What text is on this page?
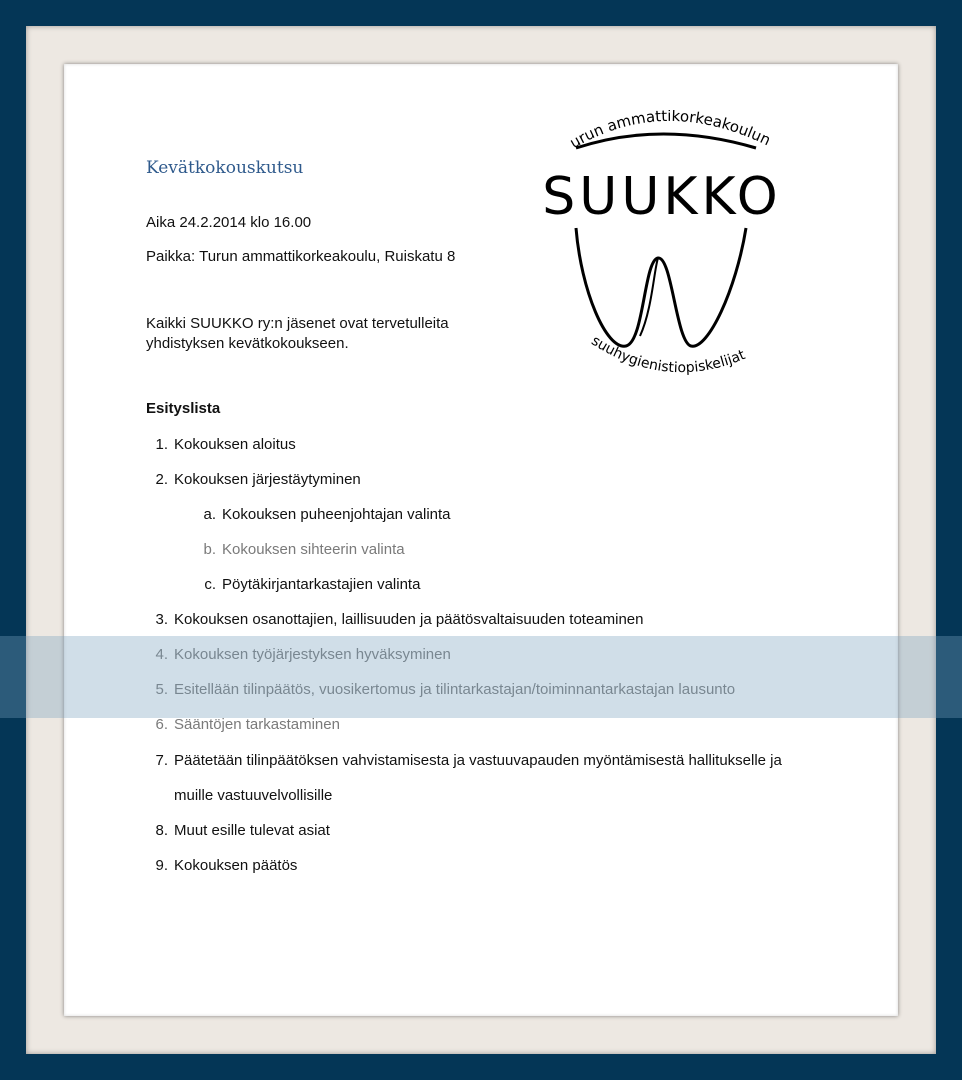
Kevätkokouskutsu
Aika 24.2.2014 klo 16.00
Paikka: Turun ammattikorkeakoulu, Ruiskatu 8
Kaikki SUUKKO ry:n jäsenet ovat tervetulleita
yhdistyksen kevätkokoukseen.
Esityslista
1. Kokouksen aloitus
2. Kokouksen järjestäytyminen
a. Kokouksen puheenjohtajan valinta
b. Kokouksen sihteerin valinta
c. Pöytäkirjantarkastajien valinta
3. Kokouksen osanottajien, laillisuuden ja päätösvaltaisuuden toteaminen
4. Kokouksen työjärjestyksen hyväksyminen
5. Esitellään tilinpäätös, vuosikertomus ja tilintarkastajan/toiminnantarkastajan lausunto
6. Sääntöjen tarkastaminen
7. Päätetään tilinpäätöksen vahvistamisesta ja vastuuvapauden myöntämisestä hallitukselle ja
muille vastuuvelvollisille
8. Muut esille tulevat asiat
9. Kokouksen päätös
urun ammattikorkeakoulun
SUUKKO
suuhygienistiopiskelijat
